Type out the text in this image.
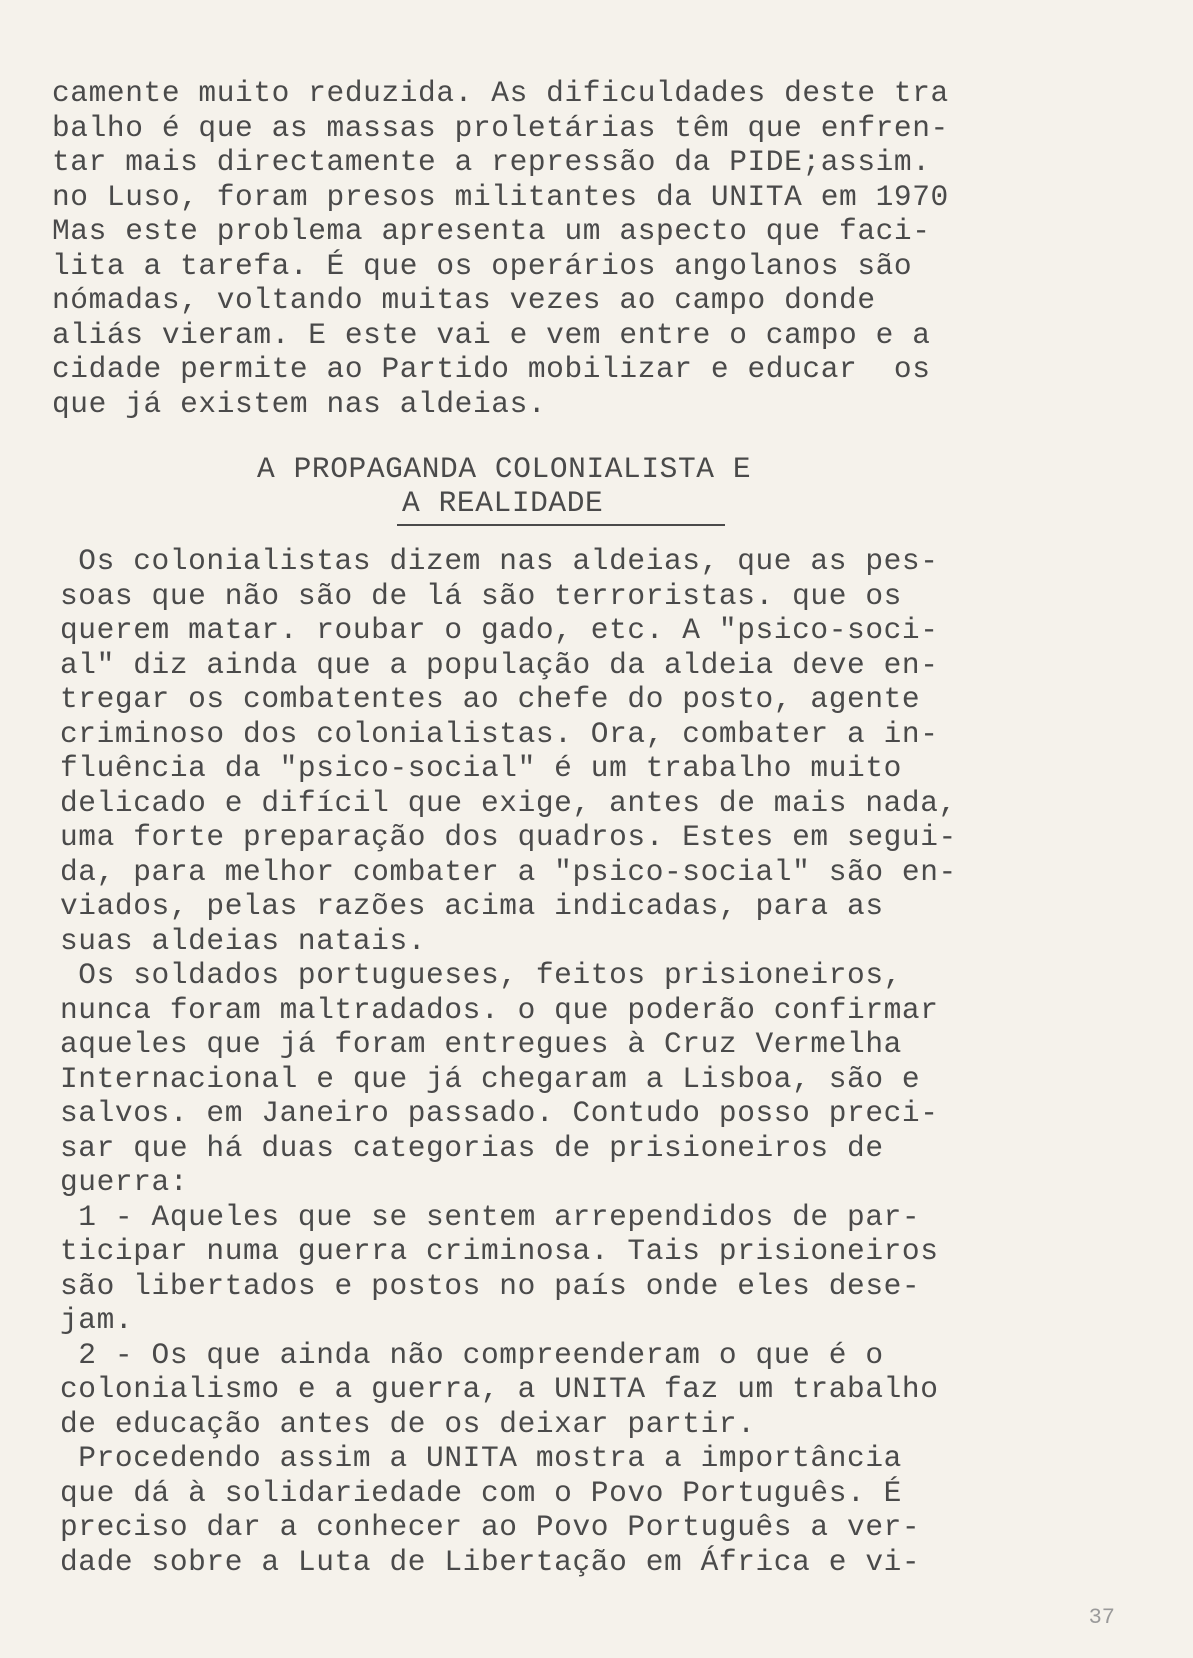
camente muito reduzida. As dificuldades deste tra
balho é que as massas proletárias têm que enfren-
tar mais directamente a repressão da PIDE;assim.
no Luso, foram presos militantes da UNITA em 1970
Mas este problema apresenta um aspecto que faci-
lita a tarefa. É que os operários angolanos são
nómadas, voltando muitas vezes ao campo donde
aliás vieram. E este vai e vem entre o campo e a
cidade permite ao Partido mobilizar e educar  os
que já existem nas aldeias.
A PROPAGANDA COLONIALISTA E
A REALIDADE
Os colonialistas dizem nas aldeias, que as pes-
soas que não são de lá são terroristas. que os
querem matar. roubar o gado, etc. A "psico-soci-
al" diz ainda que a população da aldeia deve en-
tregar os combatentes ao chefe do posto, agente
criminoso dos colonialistas. Ora, combater a in-
fluência da "psico-social" é um trabalho muito
delicado e difícil que exige, antes de mais nada,
uma forte preparação dos quadros. Estes em segui-
da, para melhor combater a "psico-social" são en-
viados, pelas razões acima indicadas, para as
suas aldeias natais.
Os soldados portugueses, feitos prisioneiros,
nunca foram maltradados. o que poderão confirmar
aqueles que já foram entregues à Cruz Vermelha
Internacional e que já chegaram a Lisboa, são e
salvos. em Janeiro passado. Contudo posso preci-
sar que há duas categorias de prisioneiros de
guerra:
1 - Aqueles que se sentem arrependidos de par-
ticipar numa guerra criminosa. Tais prisioneiros
são libertados e postos no país onde eles dese-
jam.
2 - Os que ainda não compreenderam o que é o
colonialismo e a guerra, a UNITA faz um trabalho
de educação antes de os deixar partir.
Procedendo assim a UNITA mostra a importância
que dá à solidariedade com o Povo Português. É
preciso dar a conhecer ao Povo Português a ver-
dade sobre a Luta de Libertação em África e vi-
37
